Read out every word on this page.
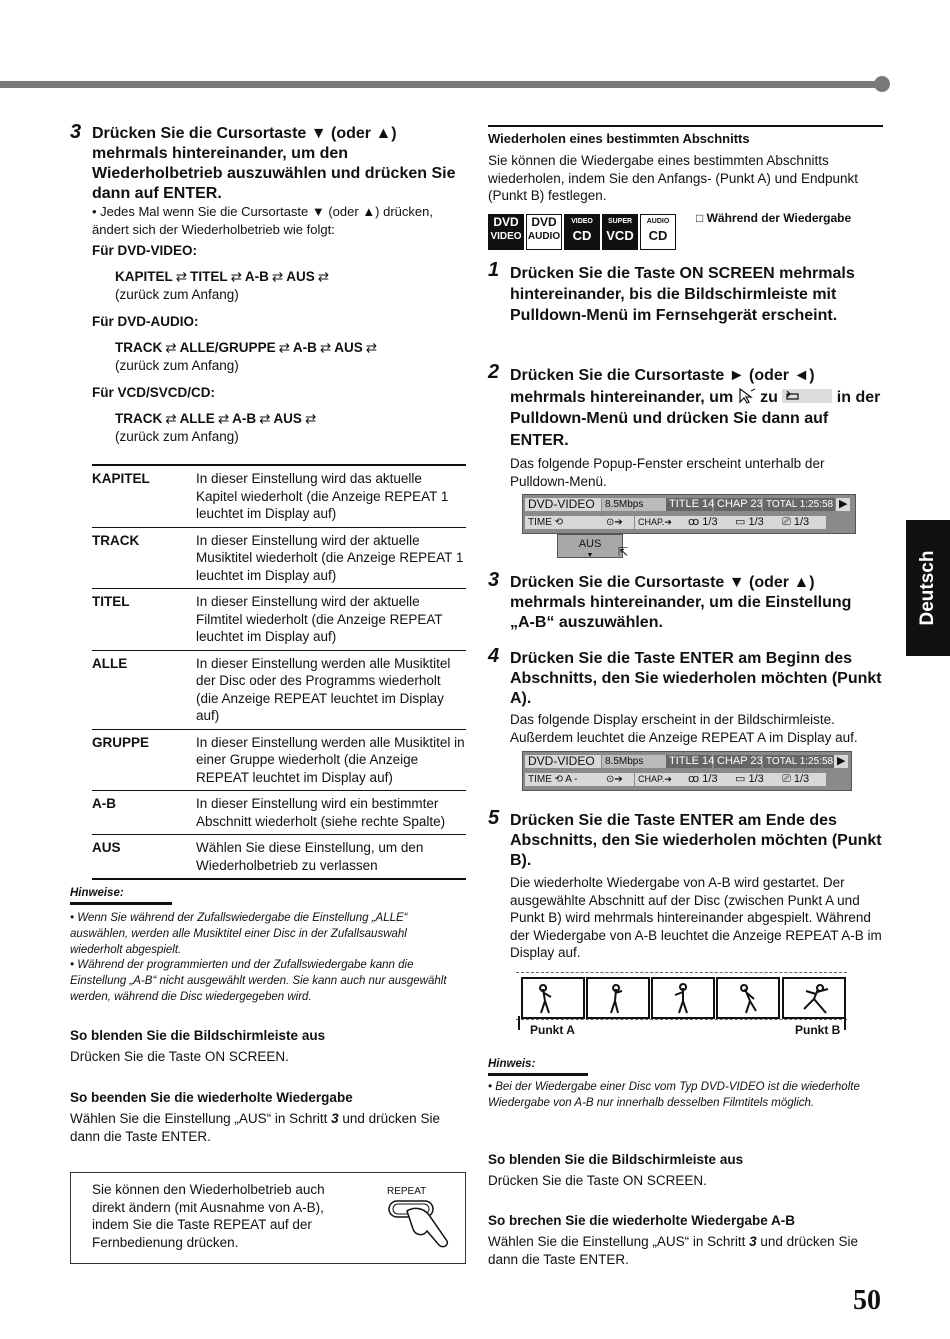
Deutsch
3 Drücken Sie die Cursortaste ▼ (oder ▲) mehrmals hintereinander, um den Wiederholbetrieb auszuwählen und drücken Sie dann auf ENTER.
• Jedes Mal wenn Sie die Cursortaste ▼ (oder ▲) drücken, ändert sich der Wiederholbetrieb wie folgt:
Für DVD-VIDEO:
KAPITEL ⇄ TITEL ⇄ A-B ⇄ AUS ⇄
(zurück zum Anfang)
Für DVD-AUDIO:
TRACK ⇄ ALLE/GRUPPE ⇄ A-B ⇄ AUS ⇄
(zurück zum Anfang)
Für VCD/SVCD/CD:
TRACK ⇄ ALLE ⇄ A-B ⇄ AUS ⇄
(zurück zum Anfang)
KAPITEL	In dieser Einstellung wird das aktuelle Kapitel wiederholt (die Anzeige REPEAT 1 leuchtet im Display auf)
TRACK	In dieser Einstellung wird der aktuelle Musiktitel wiederholt (die Anzeige REPEAT 1 leuchtet im Display auf)
TITEL	In dieser Einstellung wird der aktuelle Filmtitel wiederholt (die Anzeige REPEAT leuchtet im Display auf)
ALLE	In dieser Einstellung werden alle Musiktitel der Disc oder des Programms wiederholt (die Anzeige REPEAT leuchtet im Display auf)
GRUPPE	In dieser Einstellung werden alle Musiktitel in einer Gruppe wiederholt (die Anzeige REPEAT leuchtet im Display auf)
A-B	In dieser Einstellung wird ein bestimmter Abschnitt wiederholt (siehe rechte Spalte)
AUS	Wählen Sie diese Einstellung, um den Wiederholbetrieb zu verlassen
Hinweise:
• Wenn Sie während der Zufallswiedergabe die Einstellung „ALLE“ auswählen, werden alle Musiktitel einer Disc in der Zufallsauswahl wiederholt abgespielt.
• Während der programmierten und der Zufallswiedergabe kann die Einstellung „A-B“ nicht ausgewählt werden. Sie kann auch nur ausgewählt werden, während die Disc wiedergegeben wird.
So blenden Sie die Bildschirmleiste aus
Drücken Sie die Taste ON SCREEN.
So beenden Sie die wiederholte Wiedergabe
Wählen Sie die Einstellung „AUS“ in Schritt 3 und drücken Sie dann die Taste ENTER.
Sie können den Wiederholbetrieb auch direkt ändern (mit Ausnahme von A-B), indem Sie die Taste REPEAT auf der Fernbedienung drücken.
REPEAT
Wiederholen eines bestimmten Abschnitts
Sie können die Wiedergabe eines bestimmten Abschnitts wiederholen, indem Sie den Anfangs- (Punkt A) und Endpunkt (Punkt B) festlegen.
DVD
VIDEO
DVD
AUDIO
VIDEO
CD
SUPER
VCD
AUDIO
CD
□ Während der Wiedergabe
1 Drücken Sie die Taste ON SCREEN mehrmals hintereinander, bis die Bildschirmleiste mit Pulldown-Menü im Fernsehgerät erscheint.
2 Drücken Sie die Cursortaste ► (oder ◄) mehrmals hintereinander, um zu	in der Pulldown-Menü und drücken Sie dann auf ENTER.
Das folgende Popup-Fenster erscheint unterhalb der Pulldown-Menü.
DVD-VIDEO	8.5Mbps	TITLE 14 CHAP 23 TOTAL 1:25:58 ▶
TIME ⟲	⊙➔	CHAP.➔	ꝏ 1/3	▭ 1/3	⎚ 1/3
AUS
▼	⇱
3 Drücken Sie die Cursortaste ▼ (oder ▲) mehrmals hintereinander, um die Einstellung „A-B“ auszuwählen.
4 Drücken Sie die Taste ENTER am Beginn des Abschnitts, den Sie wiederholen möchten (Punkt A).
Das folgende Display erscheint in der Bildschirmleiste. Außerdem leuchtet die Anzeige REPEAT A im Display auf.
DVD-VIDEO	8.5Mbps	TITLE 14 CHAP 23 TOTAL 1:25:58 ▶
TIME ⟲ A -	⊙➔	CHAP.➔	ꝏ 1/3	▭ 1/3	⎚ 1/3
5 Drücken Sie die Taste ENTER am Ende des Abschnitts, den Sie wiederholen möchten (Punkt B).
Die wiederholte Wiedergabe von A-B wird gestartet. Der ausgewählte Abschnitt auf der Disc (zwischen Punkt A und Punkt B) wird mehrmals hintereinander abgespielt. Während der Wiedergabe von A-B leuchtet die Anzeige REPEAT A-B im Display auf.
Punkt A	Punkt B
Hinweis:
• Bei der Wiedergabe einer Disc vom Typ DVD-VIDEO ist die wiederholte Wiedergabe von A-B nur innerhalb desselben Filmtitels möglich.
So blenden Sie die Bildschirmleiste aus
Drücken Sie die Taste ON SCREEN.
So brechen Sie die wiederholte Wiedergabe A-B
Wählen Sie die Einstellung „AUS“ in Schritt 3 und drücken Sie dann die Taste ENTER.
50
